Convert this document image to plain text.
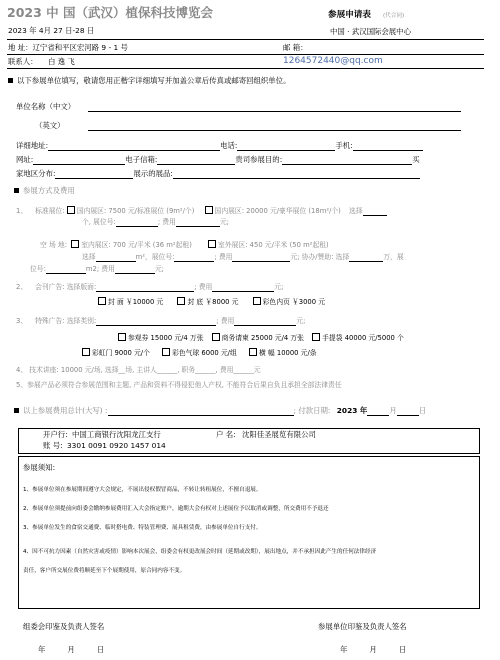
2023 中 国（武汉）植保科技博览会	参展申请表 (代合同)
2023 年 4月 27 日-28 日	中国 · 武汉国际会展中心
地 址：辽宁省和平区宏河路 9 - 1 号	邮 箱：
联系人： 白 逸 飞	1264572440@qq.com
以下参展单位填写，敬请您用正楷字详细填写并加盖公章后传真或邮寄回组织单位。
单位名称（中文）
（英文）
详细地址:	电话:	手机:
网址:	电子信箱:	贵司参展目的:	买
家地区分布:	展示的展品:
参展方式及费用
1、 标准展位: 国内展区: 7500 元/标准展位 (9m²/个)	国内展区: 20000 元/豪华展位 (18m²/个) 选择
个, 展位号:	; 费用	元;
空 场 地: 室内展区: 700 元/平米 (36 m²起租)	室外展区: 450 元/平米 (50 m²起租)
选择	m²，展位号:	; 费用	元; 协办/赞助: 选择	万，展
位号:	m2; 费用	元;
2、 会刊广告: 选择版面:	; 费用	元;
封 面 ￥10000 元	封 底 ￥8000 元	彩色内页 ￥3000 元
3、 特殊广告: 选择类别:	; 费用	元;
参观券 15000 元/4 万张	商务请柬 25000 元/4 万张	手提袋 40000 元/5000 个
彩虹门 9000 元/个	彩色气球 6000 元/组	横 幅 10000 元/条
4、 技术讲座: 10000 元/场, 选择__场, 主讲人______, 职务______, 费用______元
5、参展产品必须符合参展范围和主题, 产品和资料不得侵犯他人产权, 不能符合后果自负且承担全部法律责任
以上参展费用总计(大写) :	; 付款日期: 2023 年	月	日
开户行: 中国工商银行沈阳龙江支行	户 名: 沈阳佳圣展览有限公司
账 号: 3301 0091 0920 1457 014
参展须知:
1、参展单位须在参展期间遵守大会规定，不展出侵权假冒商品，不转让转租展位，不擅自退展。
2、参展单位须提前向组委会缴纳参展费用汇入大会指定账户，逾期大会有权对上述展位予以取消或调整，所交费用不予退还
3、参展单位发生的食宿交通费、临时搭电费、特装管理费、展具租赁费，由参展单位自行支付。
4、因不可抗力因素（自然灾害或疫情）影响本次展会，组委会有权更改展会时间（延期或改期），展出地点，并不承担因此产生的任何法律经济
责任，客户所交展位费将顺延至下个展期使用，原合同内容不变。
组委会印鉴及负责人签名	参展单位印鉴及负责人签名
年	月	日	年	月	日
